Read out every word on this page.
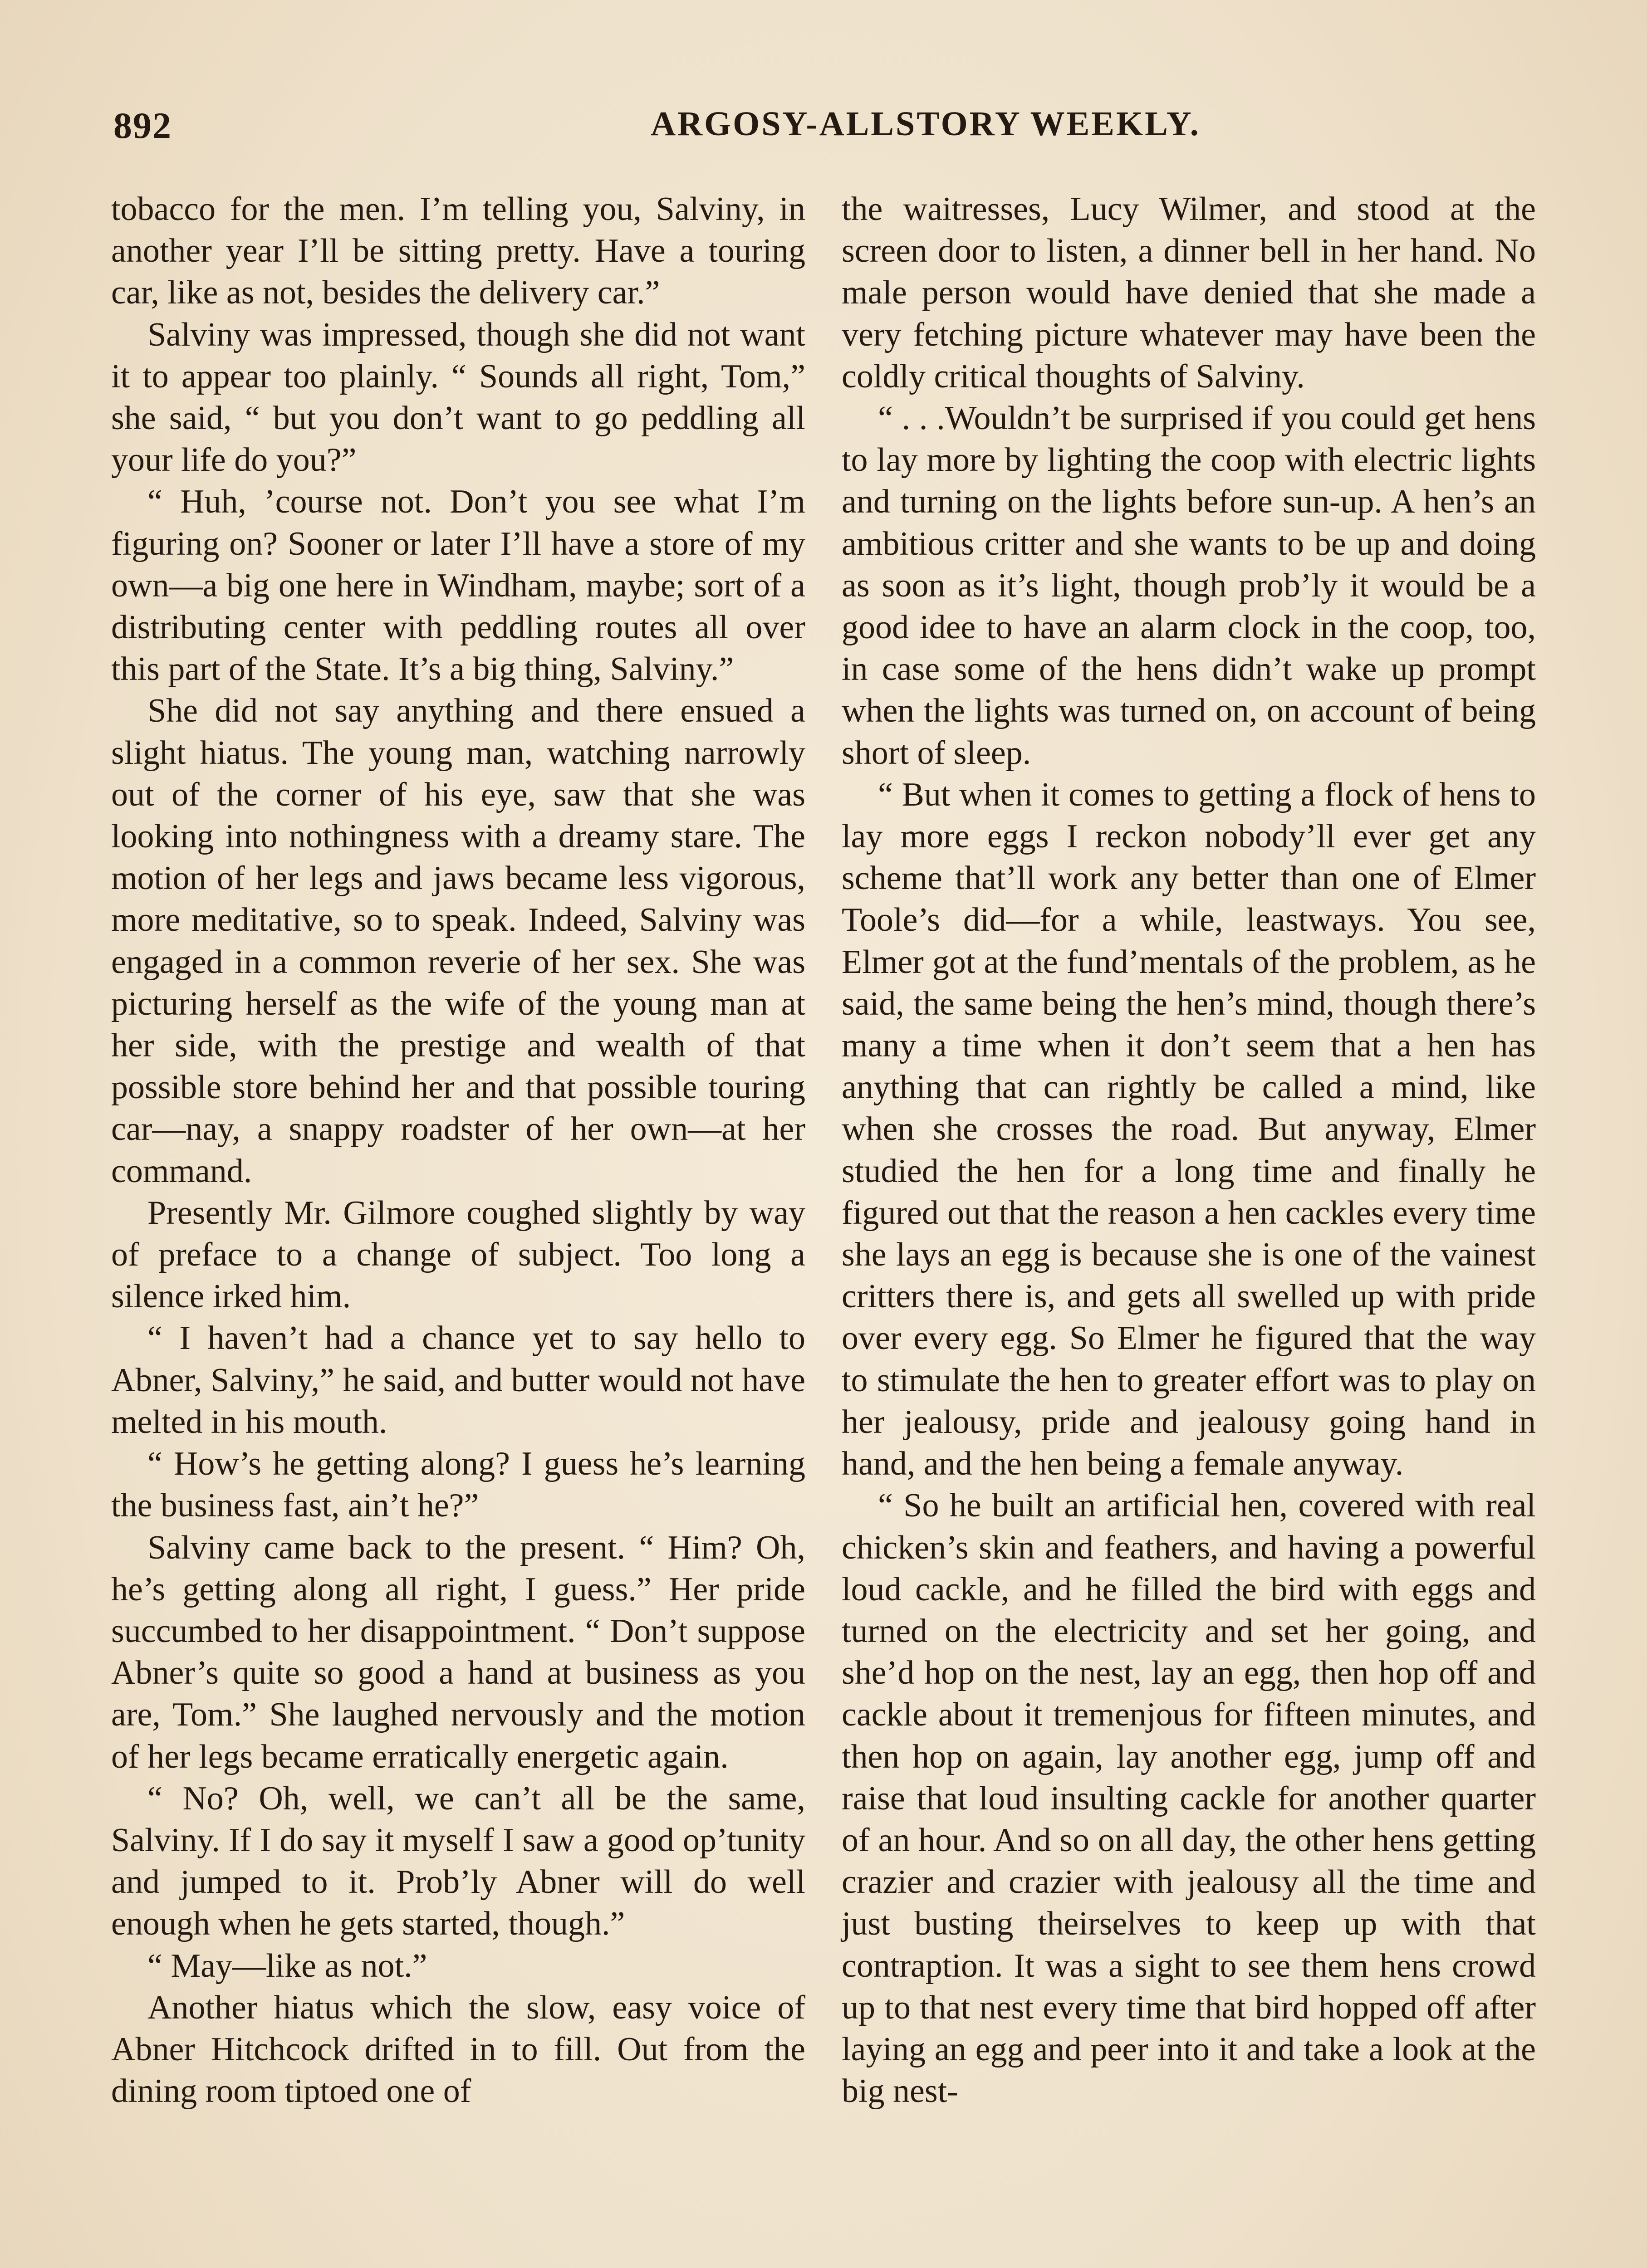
892	ARGOSY-ALLSTORY WEEKLY.

tobacco for the men. I’m telling you, Salviny, in another year I’ll be sitting pretty. Have a touring car, like as not, besides the delivery car.”

Salviny was impressed, though she did not want it to appear too plainly. “ Sounds all right, Tom,” she said, “ but you don’t want to go peddling all your life do you?”

“ Huh, ’course not. Don’t you see what I’m figuring on? Sooner or later I’ll have a store of my own—a big one here in Windham, maybe; sort of a distributing center with peddling routes all over this part of the State. It’s a big thing, Salviny.”

She did not say anything and there ensued a slight hiatus. The young man, watching narrowly out of the corner of his eye, saw that she was looking into nothingness with a dreamy stare. The motion of her legs and jaws became less vigorous, more meditative, so to speak. Indeed, Salviny was engaged in a common reverie of her sex. She was picturing herself as the wife of the young man at her side, with the prestige and wealth of that possible store behind her and that possible touring car—nay, a snappy roadster of her own—at her command.

Presently Mr. Gilmore coughed slightly by way of preface to a change of subject. Too long a silence irked him.

“ I haven’t had a chance yet to say hello to Abner, Salviny,” he said, and butter would not have melted in his mouth.

“ How’s he getting along? I guess he’s learning the business fast, ain’t he?”

Salviny came back to the present. “ Him? Oh, he’s getting along all right, I guess.” Her pride succumbed to her disappointment. “ Don’t suppose Abner’s quite so good a hand at business as you are, Tom.” She laughed nervously and the motion of her legs became erratically energetic again.

“ No? Oh, well, we can’t all be the same, Salviny. If I do say it myself I saw a good op’tunity and jumped to it. Prob’ly Abner will do well enough when he gets started, though.”

“ May—like as not.”

Another hiatus which the slow, easy voice of Abner Hitchcock drifted in to fill. Out from the dining room tiptoed one of

the waitresses, Lucy Wilmer, and stood at the screen door to listen, a dinner bell in her hand. No male person would have denied that she made a very fetching picture whatever may have been the coldly critical thoughts of Salviny.

“ . . .Wouldn’t be surprised if you could get hens to lay more by lighting the coop with electric lights and turning on the lights before sun-up. A hen’s an ambitious critter and she wants to be up and doing as soon as it’s light, though prob’ly it would be a good idee to have an alarm clock in the coop, too, in case some of the hens didn’t wake up prompt when the lights was turned on, on account of being short of sleep.

“ But when it comes to getting a flock of hens to lay more eggs I reckon nobody’ll ever get any scheme that’ll work any better than one of Elmer Toole’s did—for a while, leastways. You see, Elmer got at the fund’mentals of the problem, as he said, the same being the hen’s mind, though there’s many a time when it don’t seem that a hen has anything that can rightly be called a mind, like when she crosses the road. But anyway, Elmer studied the hen for a long time and finally he figured out that the reason a hen cackles every time she lays an egg is because she is one of the vainest critters there is, and gets all swelled up with pride over every egg. So Elmer he figured that the way to stimulate the hen to greater effort was to play on her jealousy, pride and jealousy going hand in hand, and the hen being a female anyway.

“ So he built an artificial hen, covered with real chicken’s skin and feathers, and having a powerful loud cackle, and he filled the bird with eggs and turned on the electricity and set her going, and she’d hop on the nest, lay an egg, then hop off and cackle about it tremenjous for fifteen minutes, and then hop on again, lay another egg, jump off and raise that loud insulting cackle for another quarter of an hour. And so on all day, the other hens getting crazier and crazier with jealousy all the time and just busting theirselves to keep up with that contraption. It was a sight to see them hens crowd up to that nest every time that bird hopped off after laying an egg and peer into it and take a look at the big nest-
